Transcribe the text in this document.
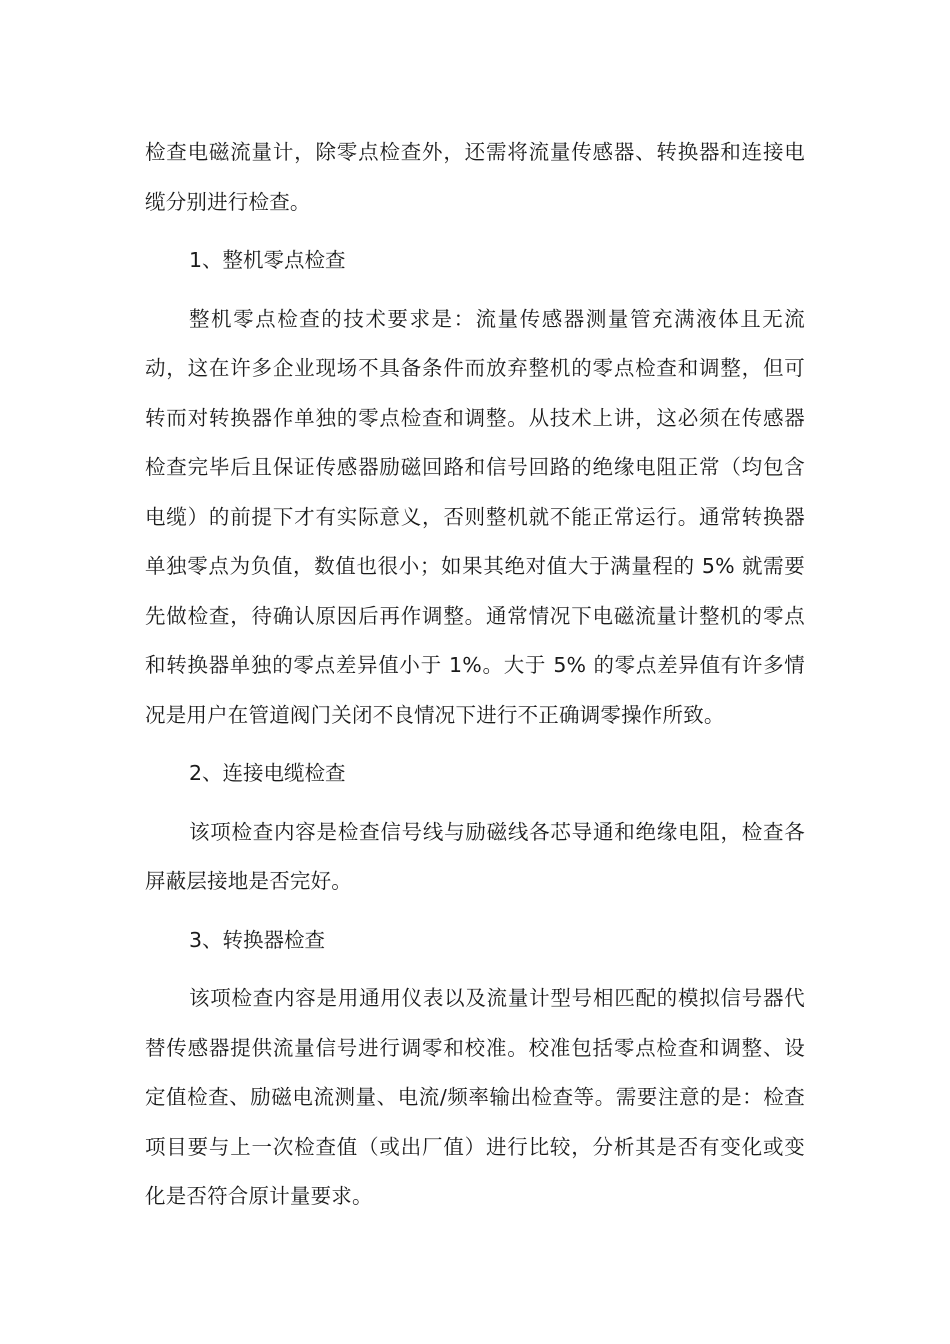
检查电磁流量计，除零点检查外，还需将流量传感器、转换器和连接电缆分别进行检查。

1、整机零点检查

整机零点检查的技术要求是：流量传感器测量管充满液体且无流动，这在许多企业现场不具备条件而放弃整机的零点检查和调整，但可转而对转换器作单独的零点检查和调整。从技术上讲，这必须在传感器检查完毕后且保证传感器励磁回路和信号回路的绝缘电阻正常（均包含电缆）的前提下才有实际意义，否则整机就不能正常运行。通常转换器单独零点为负值，数值也很小；如果其绝对值大于满量程的 5% 就需要先做检查，待确认原因后再作调整。通常情况下电磁流量计整机的零点和转换器单独的零点差异值小于 1%。大于 5% 的零点差异值有许多情况是用户在管道阀门关闭不良情况下进行不正确调零操作所致。

2、连接电缆检查

该项检查内容是检查信号线与励磁线各芯导通和绝缘电阻，检查各屏蔽层接地是否完好。

3、转换器检查

该项检查内容是用通用仪表以及流量计型号相匹配的模拟信号器代替传感器提供流量信号进行调零和校准。校准包括零点检查和调整、设定值检查、励磁电流测量、电流/频率输出检查等。需要注意的是：检查项目要与上一次检查值（或出厂值）进行比较，分析其是否有变化或变化是否符合原计量要求。
